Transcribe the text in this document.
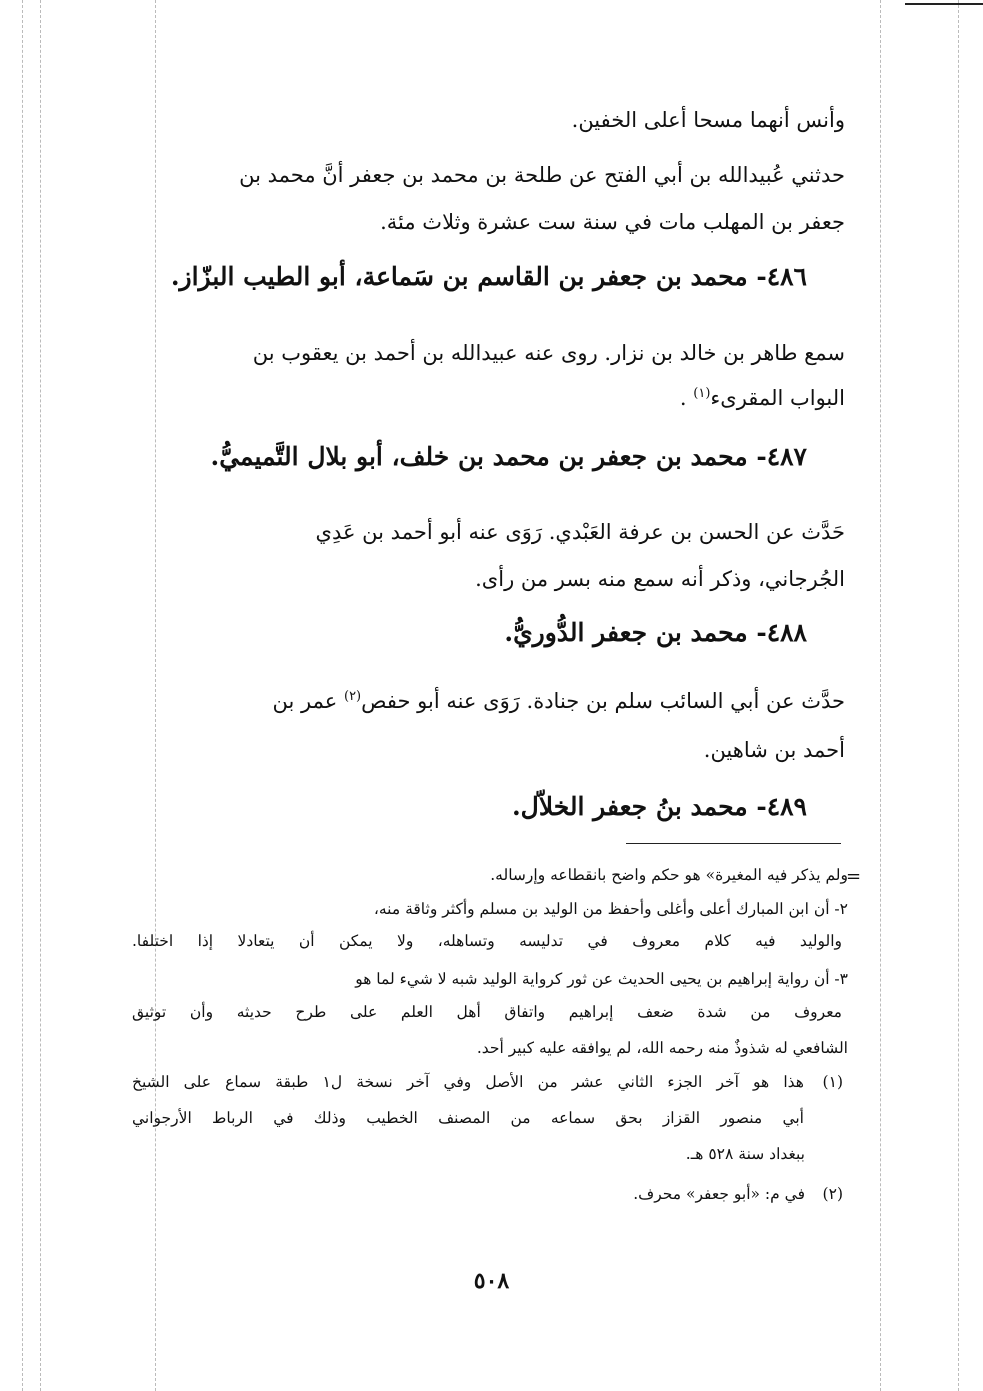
وأنس أنهما مسحا أعلى الخفين.
حدثني عُبيدالله بن أبي الفتح عن طلحة بن محمد بن جعفر أنَّ محمد بن
جعفر بن المهلب مات في سنة ست عشرة وثلاث مئة.
٤٨٦- محمد بن جعفر بن القاسم بن سَماعة، أبو الطيب البزّاز.
سمع طاهر بن خالد بن نزار. روى عنه عبيدالله بن أحمد بن يعقوب بن
البواب المقرىء$^{(١)}$ .
٤٨٧- محمد بن جعفر بن محمد بن خلف، أبو بلال التَّميميُّ.
حَدَّث عن الحسن بن عرفة العَبْدي. رَوَى عنه أبو أحمد بن عَدِي
الجُرجاني، وذكر أنه سمع منه بسر من رأى.
٤٨٨- محمد بن جعفر الدُّوريُّ.
حدَّث عن أبي السائب سلم بن جنادة. رَوَى عنه أبو حفص$^{(٢)}$ عمر بن
أحمد بن شاهين.
٤٨٩- محمد بنُ جعفر الخلاّل.
=
ولم يذكر فيه المغيرة» هو حكم واضح بانقطاعه وإرساله.
٢- أن ابن المبارك أعلى وأغلى وأحفظ من الوليد بن مسلم وأكثر وثاقة منه،
والوليد فيه كلام معروف في تدليسه وتساهله، ولا يمكن أن يتعادلا إذا اختلفا.
٣- أن رواية إبراهيم بن يحيى الحديث عن ثور كرواية الوليد شبه لا شيء لما هو
معروف من شدة ضعف إبراهيم واتفاق أهل العلم على طرح حديثه وأن توثيق
الشافعي له شذوذٌ منه رحمه الله، لم يوافقه عليه كبير أحد.
(١)
هذا هو آخر الجزء الثاني عشر من الأصل وفي آخر نسخة ل١ طبقة سماع على الشيخ
أبي منصور القزاز بحق سماعه من المصنف الخطيب وذلك في الرباط الأرجواني
ببغداد سنة ٥٢٨ هـ.
(٢)
في م: «أبو جعفر» محرف.
٥٠٨
